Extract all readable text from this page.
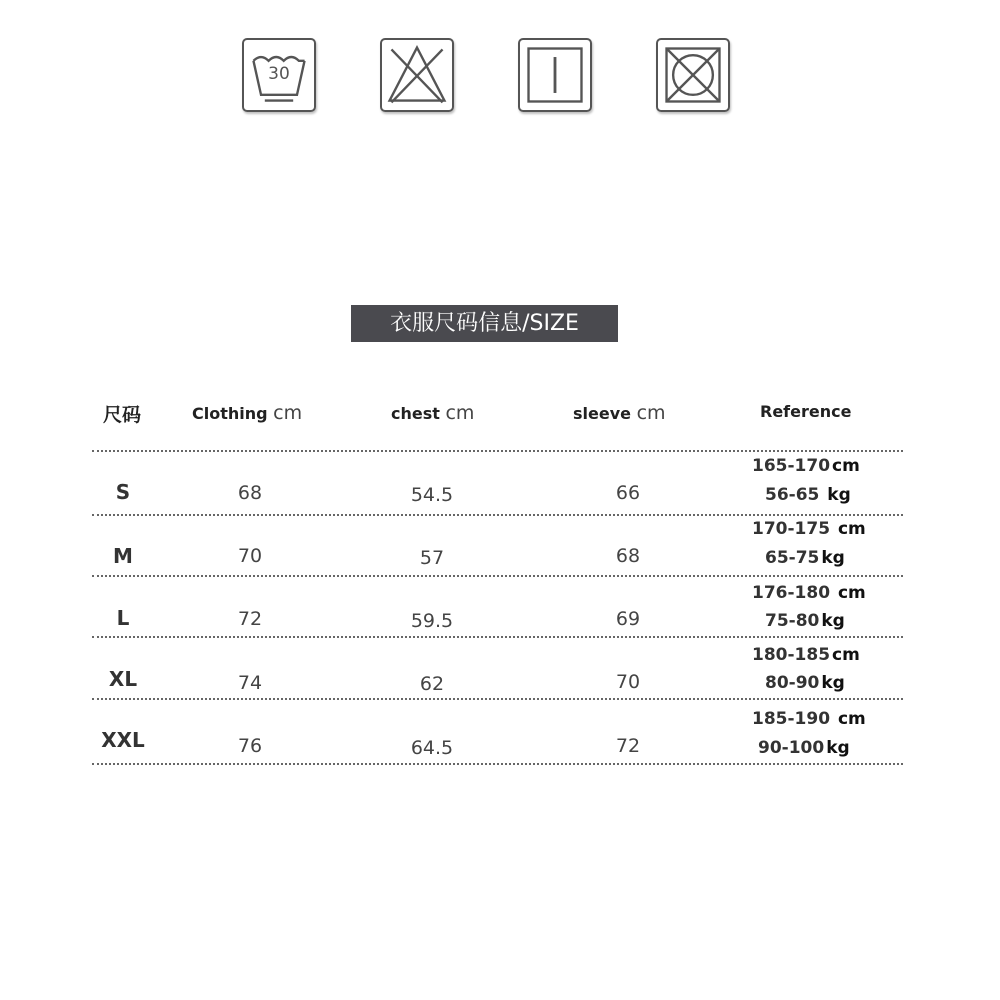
30
衣服尺码信息/SIZE
尺码	Clothing cm	chest cm	sleeve cm	Reference
S	68	54.5	66
165-170 cm
56-65 kg
M	70	57	68
170-175 cm
65-75 kg
L	72	59.5	69
176-180 cm
75-80 kg
XL	74	62	70
180-185 cm
80-90 kg
XXL	76	64.5	72
185-190 cm
90-100 kg
